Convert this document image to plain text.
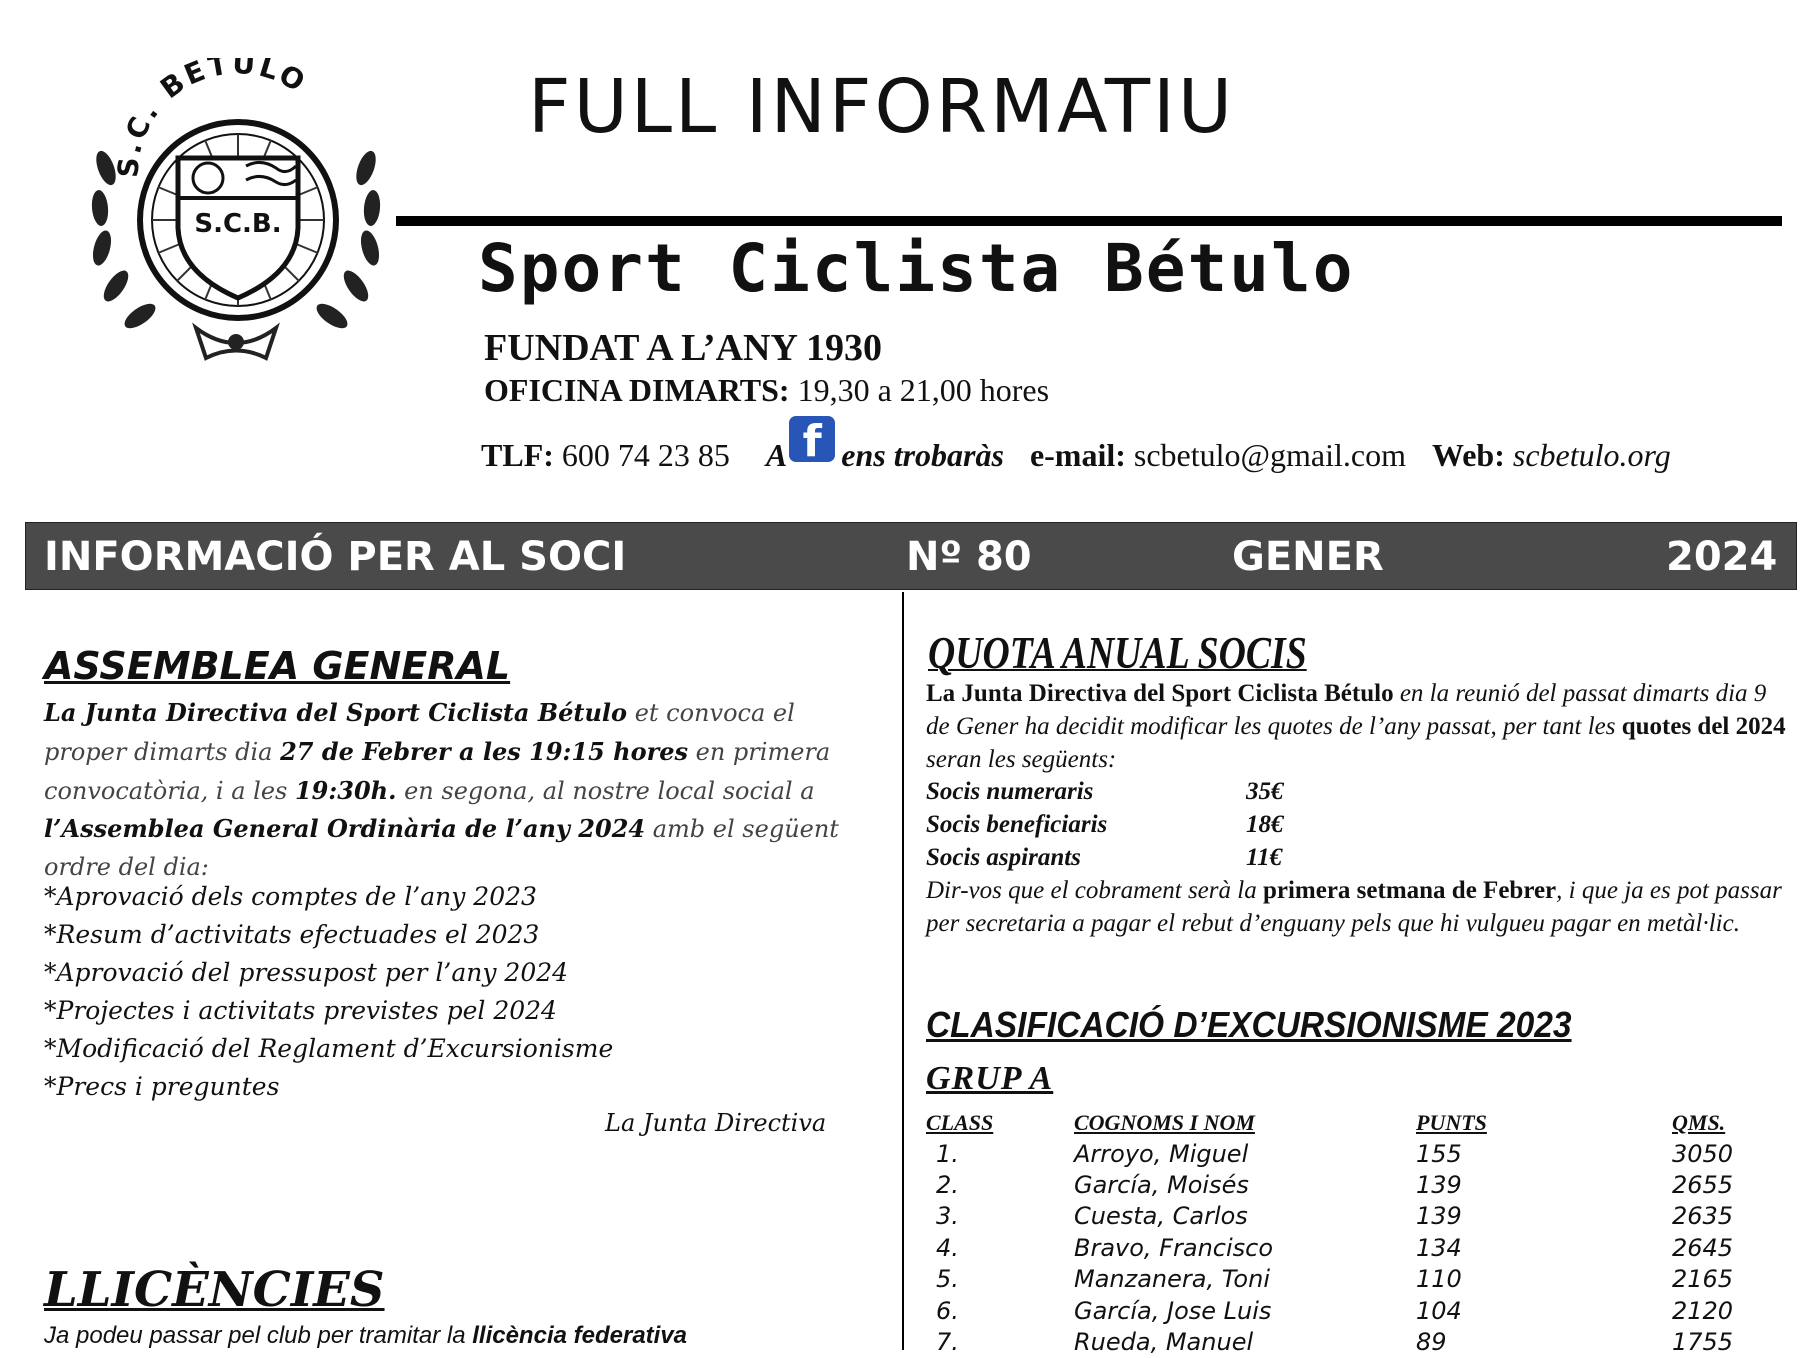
S.C.B.
S.C. BETULO	FULL INFORMATIU
Sport Ciclista Bétulo
FUNDAT A L’ANY 1930
OFICINA DIMARTS: 19,30 a 21,00 hores
TLF:
600 74 23 85 A f ens trobaràs e-mail:
scbetulo@gmail.com Web:
scbetulo.org
INFORMACIÓ PER AL SOCI	Nº 80	GENER	2024
ASSEMBLEA GENERAL
La Junta Directiva del Sport Ciclista Bétulo et convoca el proper dimarts dia 27 de Febrer a les 19:15 hores en primera convocatòria, i a les 19:30h. en segona, al nostre local social a l’Assemblea General Ordinària de l’any 2024 amb el següent ordre del dia:
*Aprovació dels comptes de l’any 2023
*Resum d’activitats efectuades el 2023
*Aprovació del pressupost per l’any 2024
*Projectes i activitats previstes pel 2024
*Modificació del Reglament d’Excursionisme
*Precs i preguntes
La Junta Directiva
LLICÈNCIES
Ja podeu passar pel club per tramitar la llicència federativa
QUOTA ANUAL SOCIS
La Junta Directiva del Sport Ciclista Bétulo en la reunió del passat dimarts dia 9 de Gener ha decidit modificar les quotes de l’any passat, per tant les quotes del 2024 seran les següents:
Socis numeraris	35€
Socis beneficiaris	18€
Socis aspirants	11€
Dir-vos que el cobrament serà la primera setmana de Febrer, i que ja es pot passar per secretaria a pagar el rebut d’enguany pels que hi vulgueu pagar en metàl·lic.
CLASIFICACIÓ D’EXCURSIONISME 2023
GRUP A
CLASS	COGNOMS I NOM	PUNTS	QMS.
1.	Arroyo, Miguel	155	3050
2.	García, Moisés	139	2655
3.	Cuesta, Carlos	139	2635
4.	Bravo, Francisco	134	2645
5.	Manzanera, Toni	110	2165
6.	García, Jose Luis	104	2120
7.	Rueda, Manuel	89	1755
